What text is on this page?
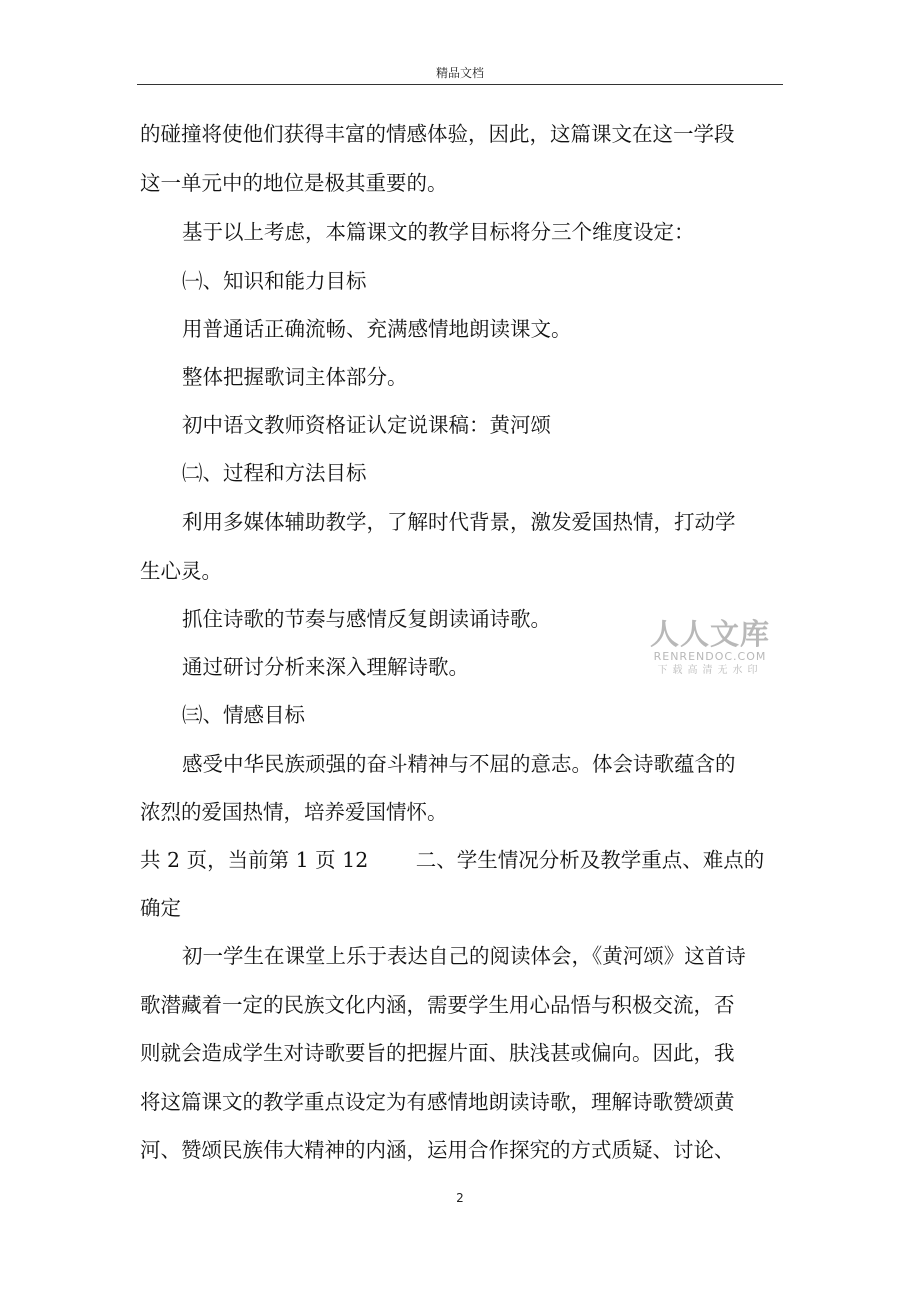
精品文档
的碰撞将使他们获得丰富的情感体验，因此，这篇课文在这一学段
这一单元中的地位是极其重要的。
基于以上考虑，本篇课文的教学目标将分三个维度设定：
㈠、知识和能力目标
用普通话正确流畅、充满感情地朗读课文。
整体把握歌词主体部分。
初中语文教师资格证认定说课稿：黄河颂
㈡、过程和方法目标
利用多媒体辅助教学，了解时代背景，激发爱国热情，打动学
生心灵。
抓住诗歌的节奏与感情反复朗读诵诗歌。
通过研讨分析来深入理解诗歌。
㈢、情感目标
感受中华民族顽强的奋斗精神与不屈的意志。体会诗歌蕴含的
浓烈的爱国热情，培养爱国情怀。
共 2 页，当前第 1 页 12　　 二、学生情况分析及教学重点、难点的
确定
初一学生在课堂上乐于表达自己的阅读体会，《黄河颂》这首诗
歌潜藏着一定的民族文化内涵，需要学生用心品悟与积极交流，否
则就会造成学生对诗歌要旨的把握片面、肤浅甚或偏向。因此，我
将这篇课文的教学重点设定为有感情地朗读诗歌，理解诗歌赞颂黄
河、赞颂民族伟大精神的内涵，运用合作探究的方式质疑、讨论、
人人文库
RENRENDOC.COM
下载高清无水印
2
